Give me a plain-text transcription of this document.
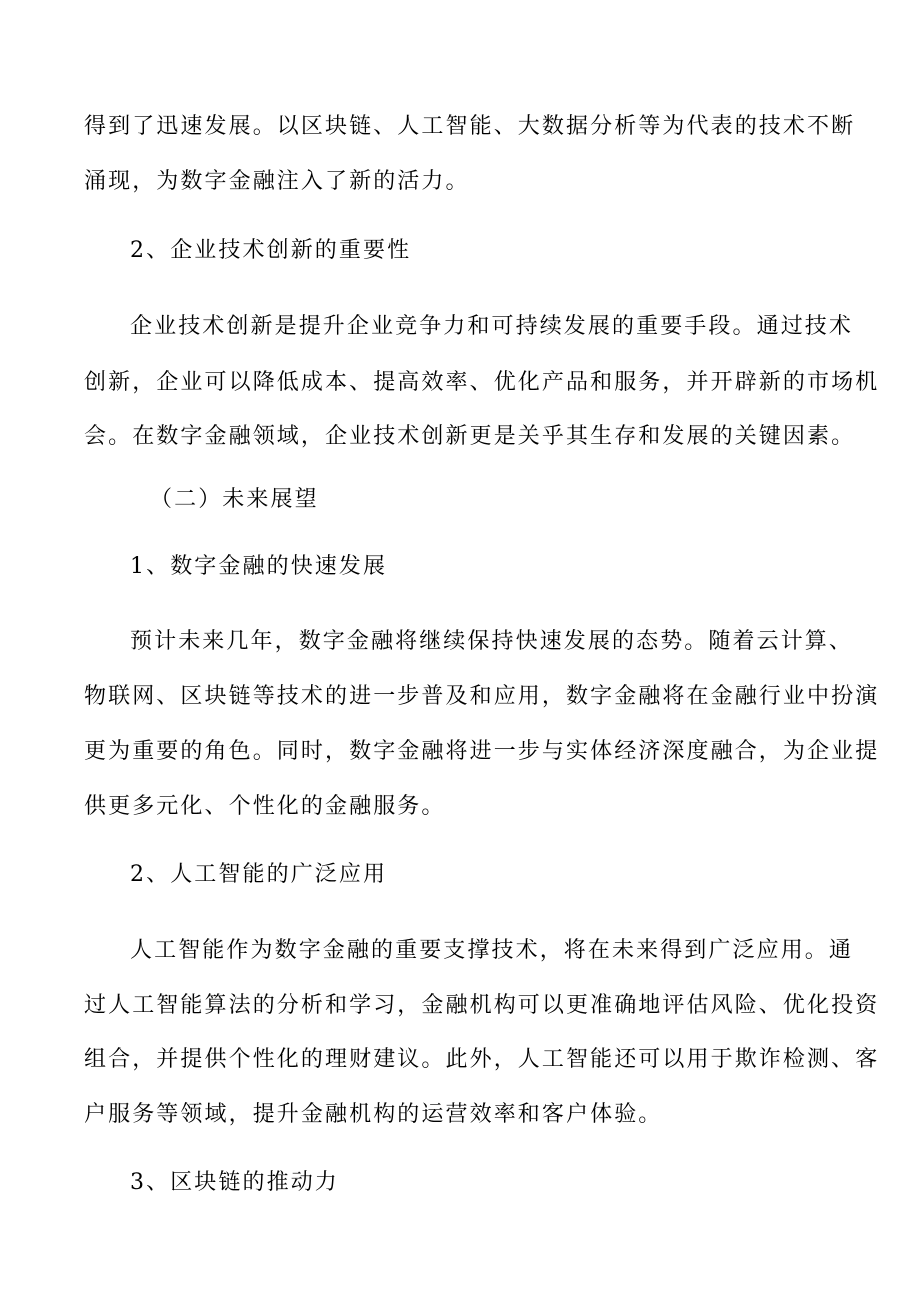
得到了迅速发展。以区块链、人工智能、大数据分析等为代表的技术不断
涌现，为数字金融注入了新的活力。
2、企业技术创新的重要性
企业技术创新是提升企业竞争力和可持续发展的重要手段。通过技术
创新，企业可以降低成本、提高效率、优化产品和服务，并开辟新的市场机
会。在数字金融领域，企业技术创新更是关乎其生存和发展的关键因素。
（二）未来展望
1、数字金融的快速发展
预计未来几年，数字金融将继续保持快速发展的态势。随着云计算、
物联网、区块链等技术的进一步普及和应用，数字金融将在金融行业中扮演
更为重要的角色。同时，数字金融将进一步与实体经济深度融合，为企业提
供更多元化、个性化的金融服务。
2、人工智能的广泛应用
人工智能作为数字金融的重要支撑技术，将在未来得到广泛应用。通
过人工智能算法的分析和学习，金融机构可以更准确地评估风险、优化投资
组合，并提供个性化的理财建议。此外，人工智能还可以用于欺诈检测、客
户服务等领域，提升金融机构的运营效率和客户体验。
3、区块链的推动力
